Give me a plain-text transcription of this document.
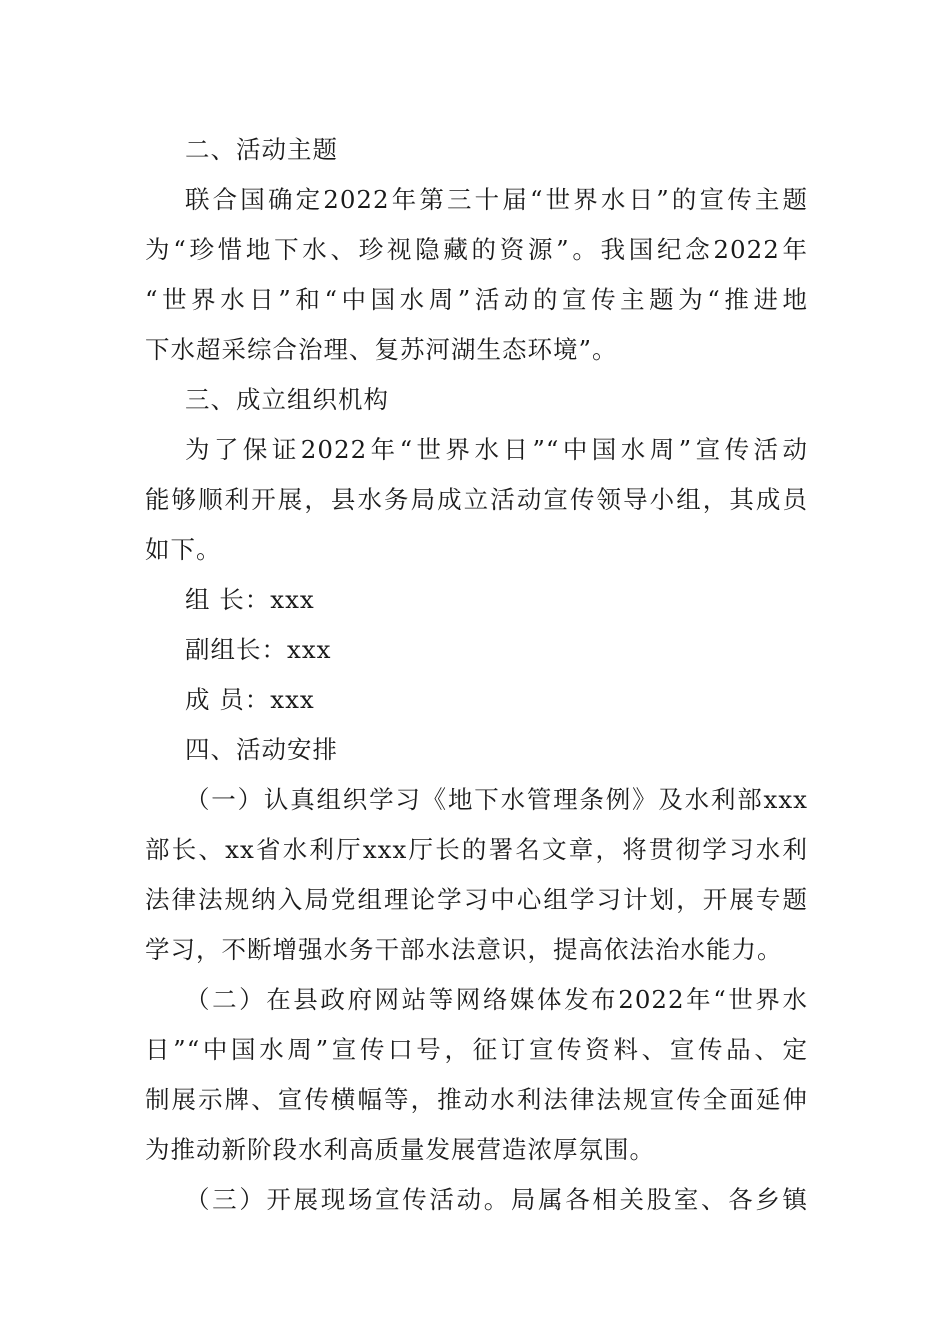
二、活动主题
联合国确定2022年第三十届“世界水日”的宣传主题
为“珍惜地下水、珍视隐藏的资源”。我国纪念2022年
“世界水日”和“中国水周”活动的宣传主题为“推进地
下水超采综合治理、复苏河湖生态环境”。
三、成立组织机构
为了保证2022年“世界水日”“中国水周”宣传活动
能够顺利开展，县水务局成立活动宣传领导小组，其成员
如下。
组 长：xxx
副组长：xxx
成 员：xxx
四、活动安排
（一）认真组织学习《地下水管理条例》及水利部xxx
部长、xx省水利厅xxx厅长的署名文章，将贯彻学习水利
法律法规纳入局党组理论学习中心组学习计划，开展专题
学习，不断增强水务干部水法意识，提高依法治水能力。
（二）在县政府网站等网络媒体发布2022年“世界水
日”“中国水周”宣传口号，征订宣传资料、宣传品、定
制展示牌、宣传横幅等，推动水利法律法规宣传全面延伸
为推动新阶段水利高质量发展营造浓厚氛围。
（三）开展现场宣传活动。局属各相关股室、各乡镇
